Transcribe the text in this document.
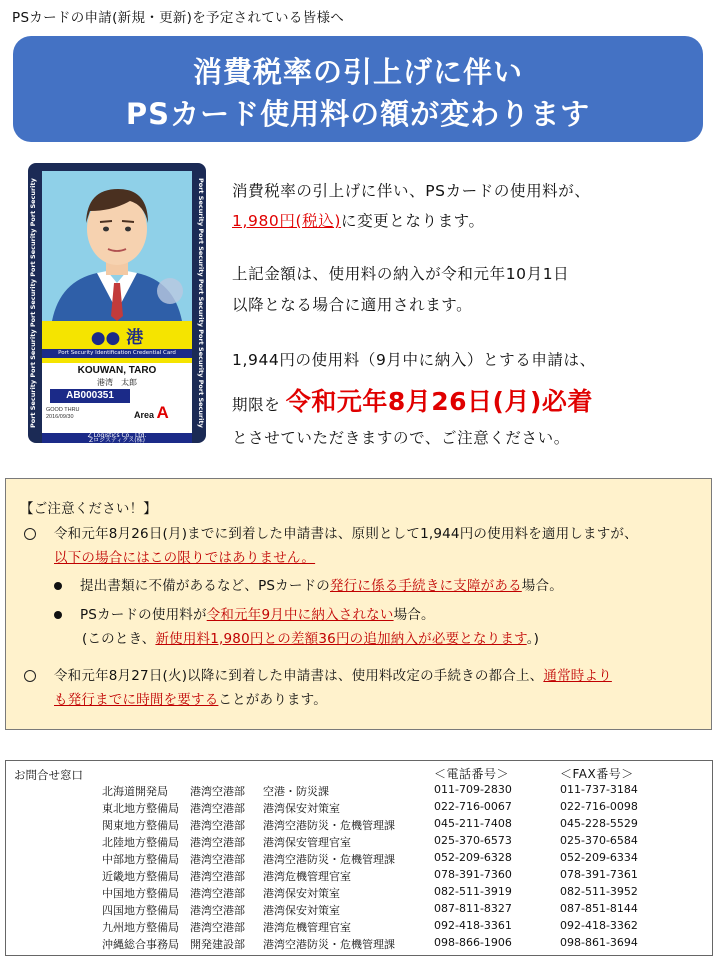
PSカードの申請(新規・更新)を予定されている皆様へ
消費税率の引上げに伴い
PSカード使用料の額が変わります
Port Security Port Security Port Security Port Security Port Security	Port Security Port Security Port Security Port Security Port Security
●● 港
Port Security Identification Credential Card
KOUWAN, TARO
港湾　太郎
AB000351
GOOD THRU
2016/09/30	Area A
Z Logistics Co., Ltd.
Zロジスティクス(株)
消費税率の引上げに伴い、PSカードの使用料が、
1,980円(税込)に変更となります。
上記金額は、使用料の納入が令和元年10月1日
以降となる場合に適用されます。
1,944円の使用料（9月中に納入）とする申請は、
期限を 令和元年8月26日(月)必着
とさせていただきますので、ご注意ください。
【ご注意ください！】
令和元年8月26日(月)までに到着した申請書は、原則として1,944円の使用料を適用しますが、
以下の場合にはこの限りではありません。
提出書類に不備があるなど、PSカードの発行に係る手続きに支障がある場合。
PSカードの使用料が令和元年9月中に納入されない場合。
(このとき、新使用料1,980円との差額36円の追加納入が必要となります。)
令和元年8月27日(火)以降に到着した申請書は、使用料改定の手続きの都合上、通常時より
も発行までに時間を要することがあります。
お問合せ窓口	＜電話番号＞	＜FAX番号＞
北海道開発局 港湾空港部 空港・防災課	011-709-2830	011-737-3184
東北地方整備局 港湾空港部 港湾保安対策室	022-716-0067	022-716-0098
関東地方整備局 港湾空港部 港湾空港防災・危機管理課	045-211-7408	045-228-5529
北陸地方整備局 港湾空港部 港湾保安管理官室	025-370-6573	025-370-6584
中部地方整備局 港湾空港部 港湾空港防災・危機管理課	052-209-6328	052-209-6334
近畿地方整備局 港湾空港部 港湾危機管理官室	078-391-7360	078-391-7361
中国地方整備局 港湾空港部 港湾保安対策室	082-511-3919	082-511-3952
四国地方整備局 港湾空港部 港湾保安対策室	087-811-8327	087-851-8144
九州地方整備局 港湾空港部 港湾危機管理官室	092-418-3361	092-418-3362
沖縄総合事務局 開発建設部 港湾空港防災・危機管理課	098-866-1906	098-861-3694
